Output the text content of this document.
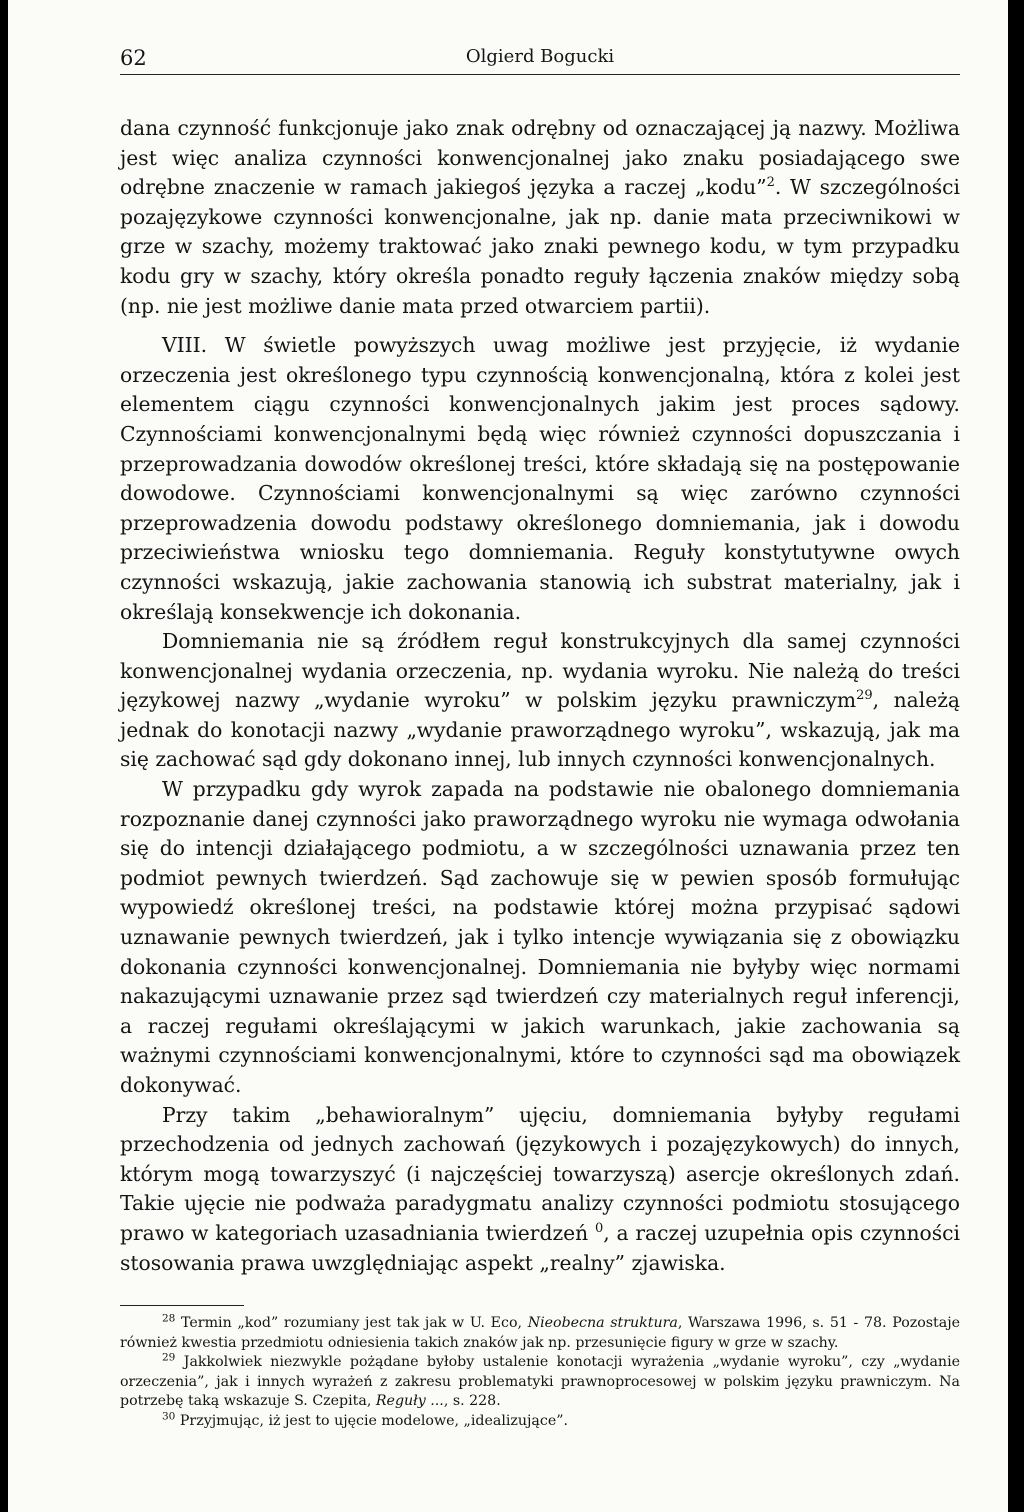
62	Olgierd Bogucki

dana czynność funkcjonuje jako znak odrębny od oznaczającej ją nazwy. Możliwa jest więc analiza czynności konwencjonalnej jako znaku posiadającego swe odrębne znaczenie w ramach jakiegoś języka a raczej „kodu”$^2$. W szczególności pozajęzykowe czynności konwencjonalne, jak np. danie mata przeciwnikowi w grze w szachy, możemy traktować jako znaki pewnego kodu, w tym przypadku kodu gry w szachy, który określa ponadto reguły łączenia znaków między sobą (np. nie jest możliwe danie mata przed otwarciem partii).

VIII. W świetle powyższych uwag możliwe jest przyjęcie, iż wydanie orzeczenia jest określonego typu czynnością konwencjonalną, która z kolei jest elementem ciągu czynności konwencjonalnych jakim jest proces sądowy. Czynnościami konwencjonalnymi będą więc również czynności dopuszczania i przeprowadzania dowodów określonej treści, które składają się na postępowanie dowodowe. Czynnościami konwencjonalnymi są więc zarówno czynności przeprowadzenia dowodu podstawy określonego domniemania, jak i dowodu przeciwieństwa wniosku tego domniemania. Reguły konstytutywne owych czynności wskazują, jakie zachowania stanowią ich substrat materialny, jak i określają konsekwencje ich dokonania.

Domniemania nie są źródłem reguł konstrukcyjnych dla samej czynności konwencjonalnej wydania orzeczenia, np. wydania wyroku. Nie należą do treści językowej nazwy „wydanie wyroku” w polskim języku prawniczym$^{29}$, należą jednak do konotacji nazwy „wydanie praworządnego wyroku”, wskazują, jak ma się zachować sąd gdy dokonano innej, lub innych czynności konwencjonalnych.

W przypadku gdy wyrok zapada na podstawie nie obalonego domniemania rozpoznanie danej czynności jako praworządnego wyroku nie wymaga odwołania się do intencji działającego podmiotu, a w szczególności uznawania przez ten podmiot pewnych twierdzeń. Sąd zachowuje się w pewien sposób formułując wypowiedź określonej treści, na podstawie której można przypisać sądowi uznawanie pewnych twierdzeń, jak i tylko intencje wywiązania się z obowiązku dokonania czynności konwencjonalnej. Domniemania nie byłyby więc normami nakazującymi uznawanie przez sąd twierdzeń czy materialnych reguł inferencji, a raczej regułami określającymi w jakich warunkach, jakie zachowania są ważnymi czynnościami konwencjonalnymi, które to czynności sąd ma obowiązek dokonywać.

Przy takim „behawioralnym” ujęciu, domniemania byłyby regułami przechodzenia od jednych zachowań (językowych i pozajęzykowych) do innych, którym mogą towarzyszyć (i najczęściej towarzyszą) asercje określonych zdań. Takie ujęcie nie podważa paradygmatu analizy czynności podmiotu stosującego prawo w kategoriach uzasadniania twierdzeń $^0$, a raczej uzupełnia opis czynności stosowania prawa uwzględniając aspekt „realny” zjawiska.

$^{28}$ Termin „kod” rozumiany jest tak jak w U. Eco, Nieobecna struktura, Warszawa 1996, s. 51 - 78. Pozostaje również kwestia przedmiotu odniesienia takich znaków jak np. przesunięcie figury w grze w szachy.

$^{29}$ Jakkolwiek niezwykle pożądane byłoby ustalenie konotacji wyrażenia „wydanie wyroku”, czy „wydanie orzeczenia”, jak i innych wyrażeń z zakresu problematyki prawnoprocesowej w polskim języku prawniczym. Na potrzebę taką wskazuje S. Czepita, Reguły ..., s. 228.

$^{30}$ Przyjmując, iż jest to ujęcie modelowe, „idealizujące”.
